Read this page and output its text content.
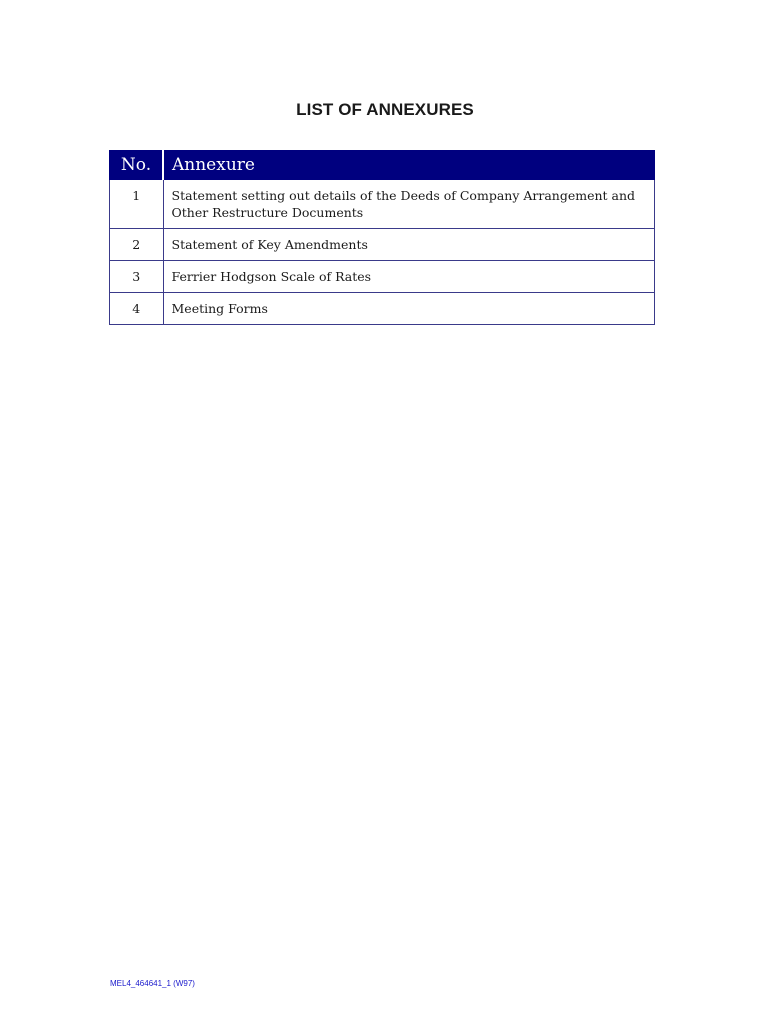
LIST OF ANNEXURES
No.	Annexure
1	Statement setting out details of the Deeds of Company Arrangement and Other Restructure Documents
2	Statement of Key Amendments
3	Ferrier Hodgson Scale of Rates
4	Meeting Forms
MEL4_464641_1 (W97)
